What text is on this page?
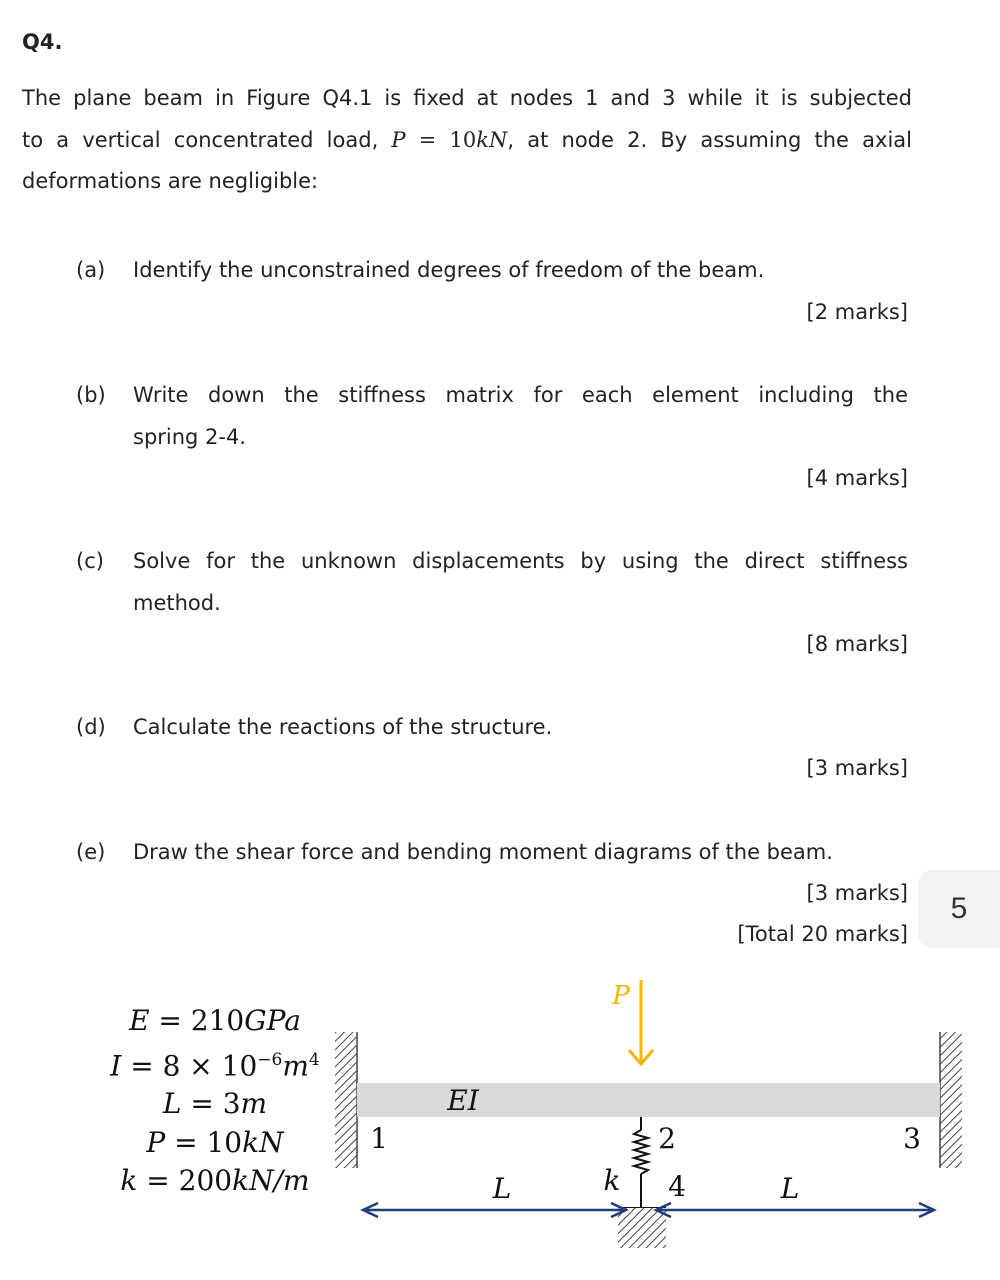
Q4.
The plane beam in Figure Q4.1 is fixed at nodes 1 and 3 while it is subjected
to a vertical concentrated load, P = 10kN, at node 2. By assuming the axial
deformations are negligible:
(a) Identify the unconstrained degrees of freedom of the beam.
[2 marks]
(b) Write down the stiffness matrix for each element including the
spring 2-4.
[4 marks]
(c) Solve for the unknown displacements by using the direct stiffness
method.
[8 marks]
(d) Calculate the reactions of the structure.
[3 marks]
(e) Draw the shear force and bending moment diagrams of the beam.
[3 marks]
[Total 20 marks]
5
E = 210GPa
$I = 8 \times 10^{-6}m^4$
L = 3m
P = 10kN
k = 200kN/m
EI
P
1	2	3
4
k
L	L
